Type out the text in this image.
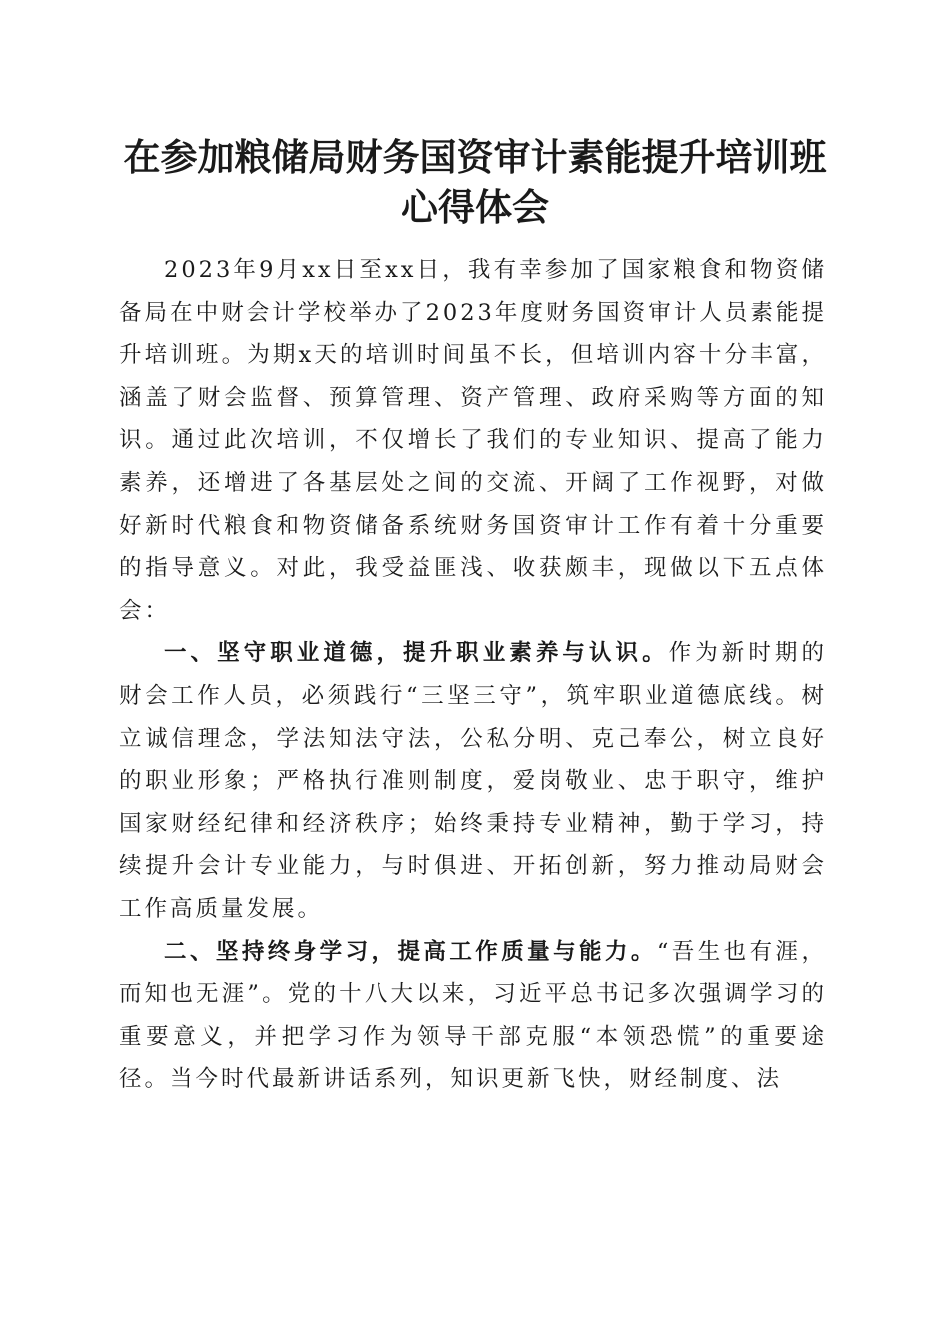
在参加粮储局财务国资审计素能提升培训班心得体会

2023年9月xx日至xx日，我有幸参加了国家粮食和物资储备局在中财会计学校举办了2023年度财务国资审计人员素能提升培训班。为期x天的培训时间虽不长，但培训内容十分丰富，涵盖了财会监督、预算管理、资产管理、政府采购等方面的知识。通过此次培训，不仅增长了我们的专业知识、提高了能力素养，还增进了各基层处之间的交流、开阔了工作视野，对做好新时代粮食和物资储备系统财务国资审计工作有着十分重要的指导意义。对此，我受益匪浅、收获颇丰，现做以下五点体会：

一、坚守职业道德，提升职业素养与认识。作为新时期的财会工作人员，必须践行“三坚三守”，筑牢职业道德底线。树立诚信理念，学法知法守法，公私分明、克己奉公，树立良好的职业形象；严格执行准则制度，爱岗敬业、忠于职守，维护国家财经纪律和经济秩序；始终秉持专业精神，勤于学习，持续提升会计专业能力，与时俱进、开拓创新，努力推动局财会工作高质量发展。

二、坚持终身学习，提高工作质量与能力。“吾生也有涯，而知也无涯”。党的十八大以来，习近平总书记多次强调学习的重要意义，并把学习作为领导干部克服“本领恐慌”的重要途径。当今时代最新讲话系列，知识更新飞快，财经制度、法
